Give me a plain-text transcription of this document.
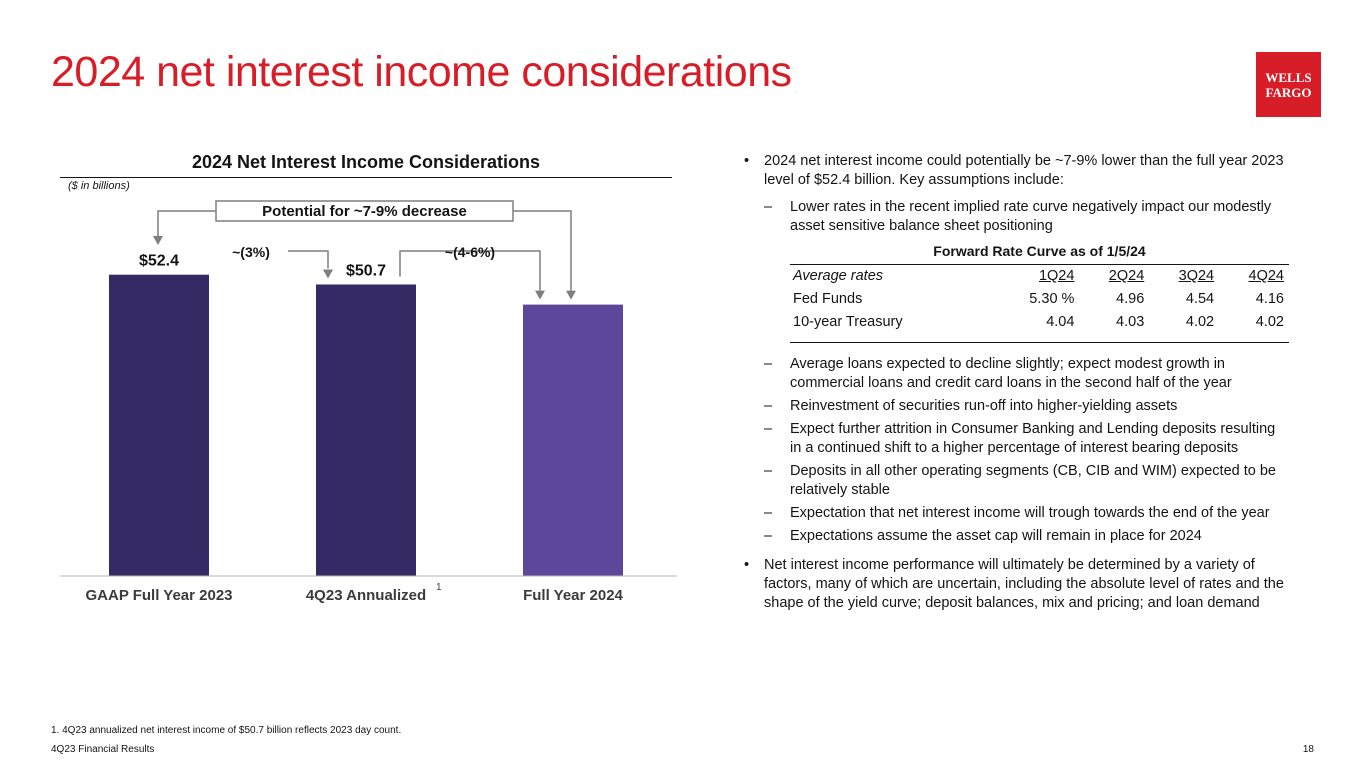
2024 net interest income considerations	WELLS
FARGO
2024 Net Interest Income Considerations
($ in billions)
GAAP Full Year 2023	4Q23 Annualized 1	Full Year 2024
$52.4
$50.7
~(3%)	~(4-6%)
Potential for ~7-9% decrease
• 2024 net interest income could potentially be ~7-9% lower than the full year 2023 level of $52.4 billion. Key assumptions include:
– Lower rates in the recent implied rate curve negatively impact our modestly asset sensitive balance sheet positioning
Forward Rate Curve as of 1/5/24
Average rates	1Q24	2Q24	3Q24	4Q24
Fed Funds	5.30 %	4.96	4.54	4.16
10-year Treasury	4.04	4.03	4.02	4.02
– Average loans expected to decline slightly; expect modest growth in commercial loans and credit card loans in the second half of the year
– Reinvestment of securities run-off into higher-yielding assets
– Expect further attrition in Consumer Banking and Lending deposits resulting in a continued shift to a higher percentage of interest bearing deposits
– Deposits in all other operating segments (CB, CIB and WIM) expected to be relatively stable
– Expectation that net interest income will trough towards the end of the year
– Expectations assume the asset cap will remain in place for 2024
• Net interest income performance will ultimately be determined by a variety of factors, many of which are uncertain, including the absolute level of rates and the shape of the yield curve; deposit balances, mix and pricing; and loan demand
1. 4Q23 annualized net interest income of $50.7 billion reflects 2023 day count.
4Q23 Financial Results	18
